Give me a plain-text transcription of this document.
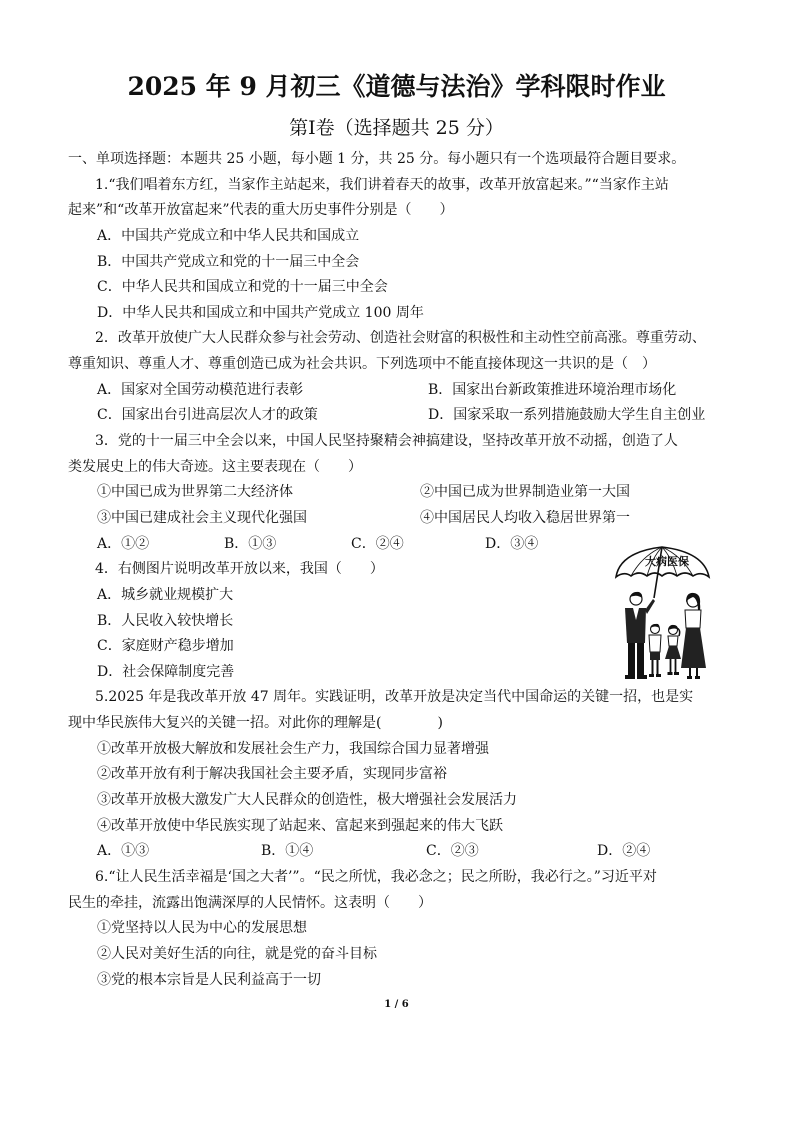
2025 年 9 月初三《道德与法治》学科限时作业
第Ⅰ卷（选择题共 25 分）
一、单项选择题：本题共 25 小题，每小题 1 分，共 25 分。每小题只有一个选项最符合题目要求。
1.“我们唱着东方红，当家作主站起来，我们讲着春天的故事，改革开放富起来。”“当家作主站
起来”和“改革开放富起来”代表的重大历史事件分别是（　　）
A．中国共产党成立和中华人民共和国成立
B．中国共产党成立和党的十一届三中全会
C．中华人民共和国成立和党的十一届三中全会
D．中华人民共和国成立和中国共产党成立 100 周年
2．改革开放使广大人民群众参与社会劳动、创造社会财富的积极性和主动性空前高涨。尊重劳动、
尊重知识、尊重人才、尊重创造已成为社会共识。下列选项中不能直接体现这一共识的是（　）
A．国家对全国劳动模范进行表彰	B．国家出台新政策推进环境治理市场化
C．国家出台引进高层次人才的政策	D．国家采取一系列措施鼓励大学生自主创业
3．党的十一届三中全会以来，中国人民坚持聚精会神搞建设，坚持改革开放不动摇，创造了人
类发展史上的伟大奇迹。这主要表现在（　　）
①中国已成为世界第二大经济体	②中国已成为世界制造业第一大国
③中国已建成社会主义现代化强国	④中国居民人均收入稳居世界第一
A．①②	B．①③	C．②④	D．③④
4．右侧图片说明改革开放以来，我国（　　）
A．城乡就业规模扩大
B．人民收入较快增长
C．家庭财产稳步增加
D．社会保障制度完善
5.2025 年是我改革开放 47 周年。实践证明，改革开放是决定当代中国命运的关键一招，也是实
现中华民族伟大复兴的关键一招。对此你的理解是(　　　　)
①改革开放极大解放和发展社会生产力，我国综合国力显著增强
②改革开放有利于解决我国社会主要矛盾，实现同步富裕
③改革开放极大激发广大人民群众的创造性，极大增强社会发展活力
④改革开放使中华民族实现了站起来、富起来到强起来的伟大飞跃
A．①③	B．①④	C．②③	D．②④
6.“让人民生活幸福是‘国之大者’”。“民之所忧，我必念之；民之所盼，我必行之。”习近平对
民生的牵挂，流露出饱满深厚的人民情怀。这表明（　　）
①党坚持以人民为中心的发展思想
②人民对美好生活的向往，就是党的奋斗目标
③党的根本宗旨是人民利益高于一切
大病医保
1 / 6
